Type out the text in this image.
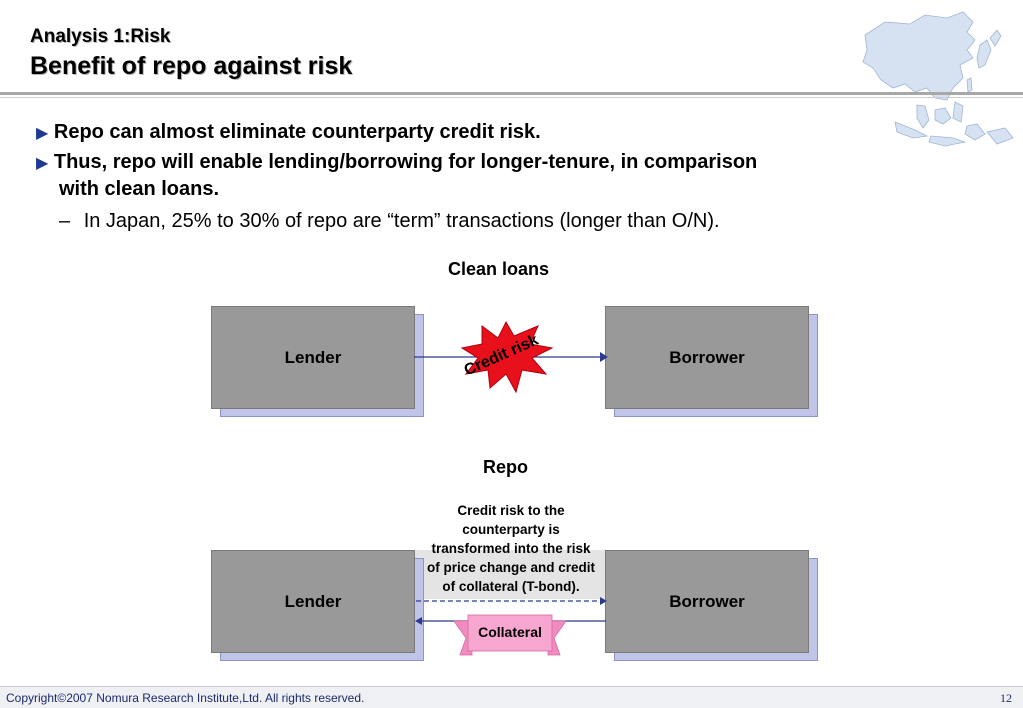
Analysis 1:Risk
Benefit of repo against risk
▶ Repo can almost eliminate counterparty credit risk.
▶ Thus, repo will enable lending/borrowing for longer-tenure, in comparison
with clean loans.
– In Japan, 25% to 30% of repo are “term” transactions (longer than O/N).
Clean loans
Lender	Borrower
Credit risk
Repo
Lender	Borrower
Credit risk to the
counterparty is
transformed into the risk
of price change and credit
of collateral (T-bond).
Collateral
Copyright©2007 Nomura Research Institute,Ltd. All rights reserved.	12
